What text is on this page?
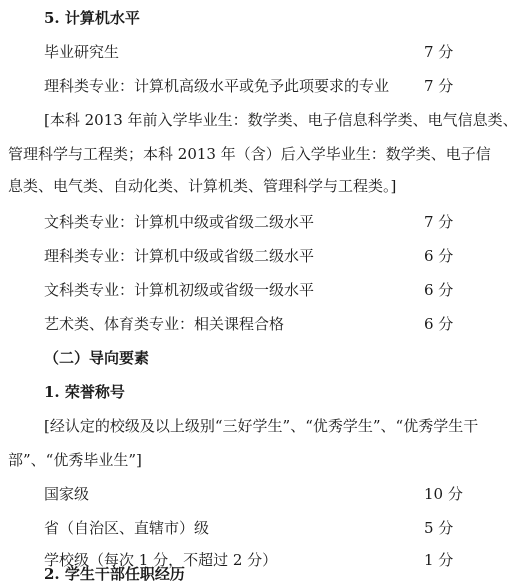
5. 计算机水平
毕业研究生	7 分
理科类专业：计算机高级水平或免予此项要求的专业 7 分
[本科 2013 年前入学毕业生：数学类、电子信息科学类、电气信息类、
管理科学与工程类；本科 2013 年（含）后入学毕业生：数学类、电子信
息类、电气类、自动化类、计算机类、管理科学与工程类。]
文科类专业：计算机中级或省级二级水平	7 分
理科类专业：计算机中级或省级二级水平	6 分
文科类专业：计算机初级或省级一级水平	6 分
艺术类、体育类专业：相关课程合格	6 分
（二）导向要素
1. 荣誉称号
[经认定的校级及以上级别“三好学生”、“优秀学生”、“优秀学生干
部”、“优秀毕业生”]
国家级	10 分
省（自治区、直辖市）级	5 分
学校级（每次 1 分，不超过 2 分）	1 分
2. 学生干部任职经历
